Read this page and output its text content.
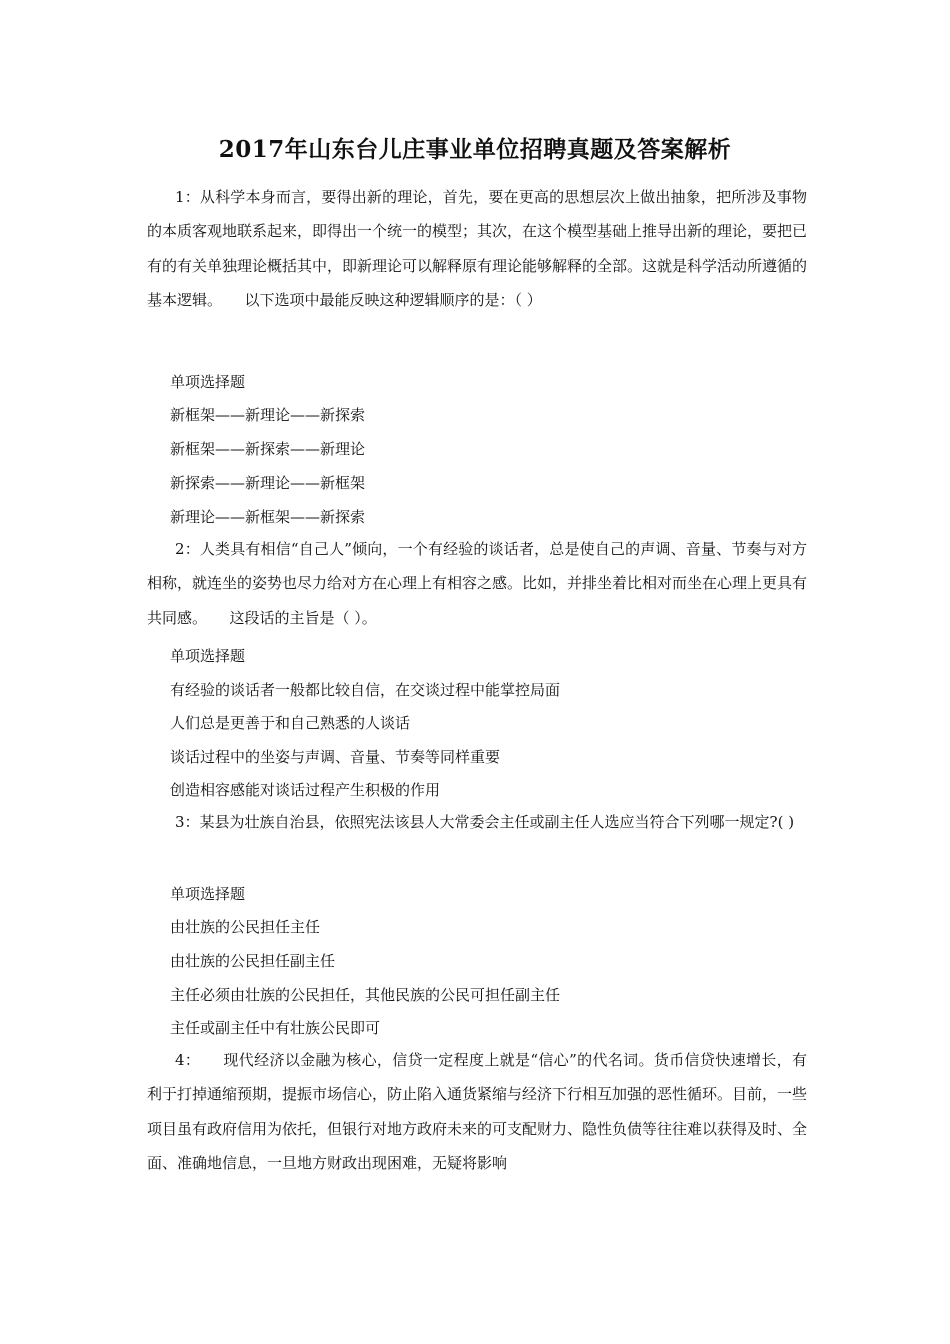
2017年山东台儿庄事业单位招聘真题及答案解析
1：从科学本身而言，要得出新的理论，首先，要在更高的思想层次上做出抽象，把所涉及事物的本质客观地联系起来，即得出一个统一的模型；其次，在这个模型基础上推导出新的理论，要把已有的有关单独理论概括其中，即新理论可以解释原有理论能够解释的全部。这就是科学活动所遵循的基本逻辑。　　以下选项中最能反映这种逻辑顺序的是：（ ）
单项选择题
新框架——新理论——新探索
新框架——新探索——新理论
新探索——新理论——新框架
新理论——新框架——新探索
2：人类具有相信“自己人”倾向，一个有经验的谈话者，总是使自己的声调、音量、节奏与对方相称，就连坐的姿势也尽力给对方在心理上有相容之感。比如，并排坐着比相对而坐在心理上更具有共同感。　　这段话的主旨是（ ）。
单项选择题
有经验的谈话者一般都比较自信，在交谈过程中能掌控局面
人们总是更善于和自己熟悉的人谈话
谈话过程中的坐姿与声调、音量、节奏等同样重要
创造相容感能对谈话过程产生积极的作用
3：某县为壮族自治县，依照宪法该县人大常委会主任或副主任人选应当符合下列哪一规定?( )
单项选择题
由壮族的公民担任主任
由壮族的公民担任副主任
主任必须由壮族的公民担任，其他民族的公民可担任副主任
主任或副主任中有壮族公民即可
4：　　现代经济以金融为核心，信贷一定程度上就是“信心”的代名词。货币信贷快速增长，有利于打掉通缩预期，提振市场信心，防止陷入通货紧缩与经济下行相互加强的恶性循环。目前，一些项目虽有政府信用为依托，但银行对地方政府未来的可支配财力、隐性负债等往往难以获得及时、全面、准确地信息，一旦地方财政出现困难，无疑将影响
